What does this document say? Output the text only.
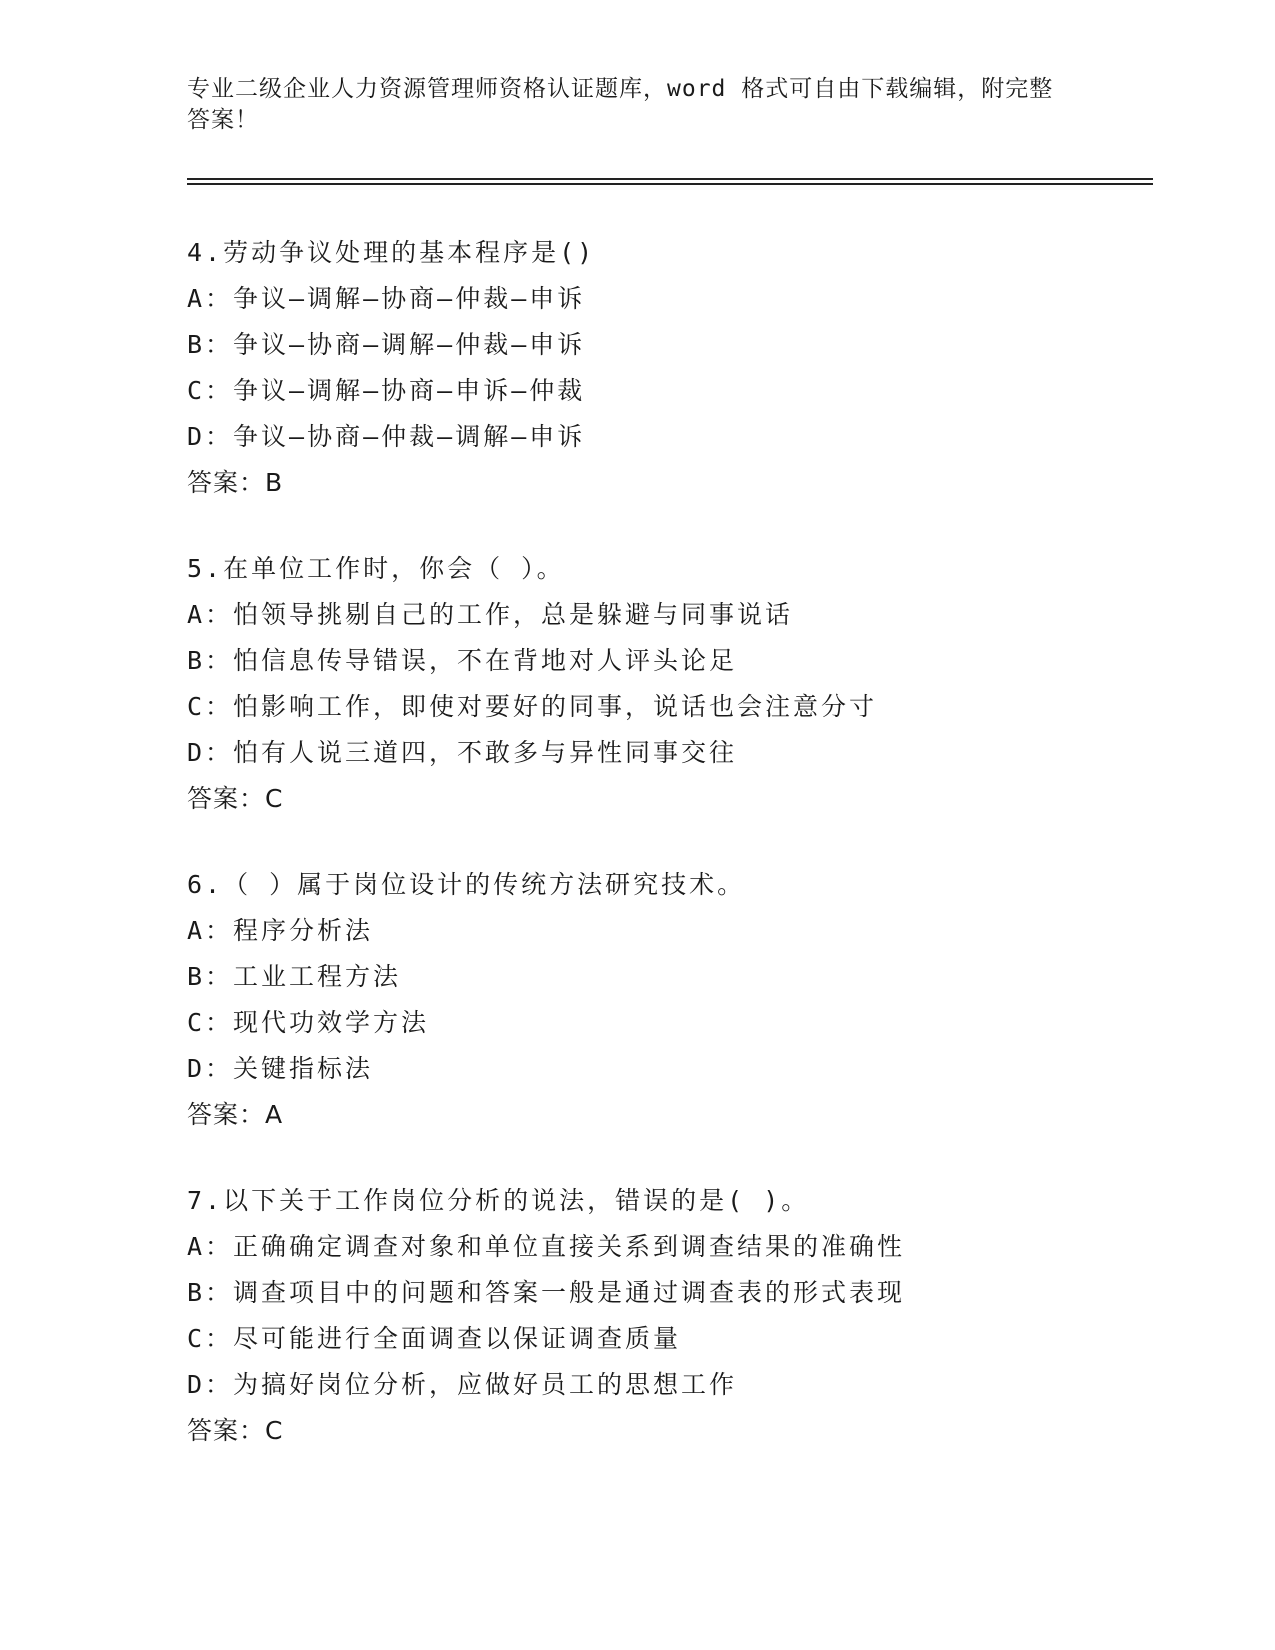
专业二级企业人力资源管理师资格认证题库，word 格式可自由下载编辑，附完整
答案！
4.劳动争议处理的基本程序是()
A：争议—调解—协商—仲裁—申诉
B：争议—协商—调解—仲裁—申诉
C：争议—调解—协商—申诉—仲裁
D：争议—协商—仲裁—调解—申诉
答案：B
5.在单位工作时，你会（ ）。
A：怕领导挑剔自己的工作，总是躲避与同事说话
B：怕信息传导错误，不在背地对人评头论足
C：怕影响工作，即使对要好的同事，说话也会注意分寸
D：怕有人说三道四，不敢多与异性同事交往
答案：C
6.（ ）属于岗位设计的传统方法研究技术。
A：程序分析法
B：工业工程方法
C：现代功效学方法
D：关键指标法
答案：A
7.以下关于工作岗位分析的说法，错误的是( )。
A：正确确定调查对象和单位直接关系到调查结果的准确性
B：调查项目中的问题和答案一般是通过调查表的形式表现
C：尽可能进行全面调查以保证调查质量
D：为搞好岗位分析，应做好员工的思想工作
答案：C
